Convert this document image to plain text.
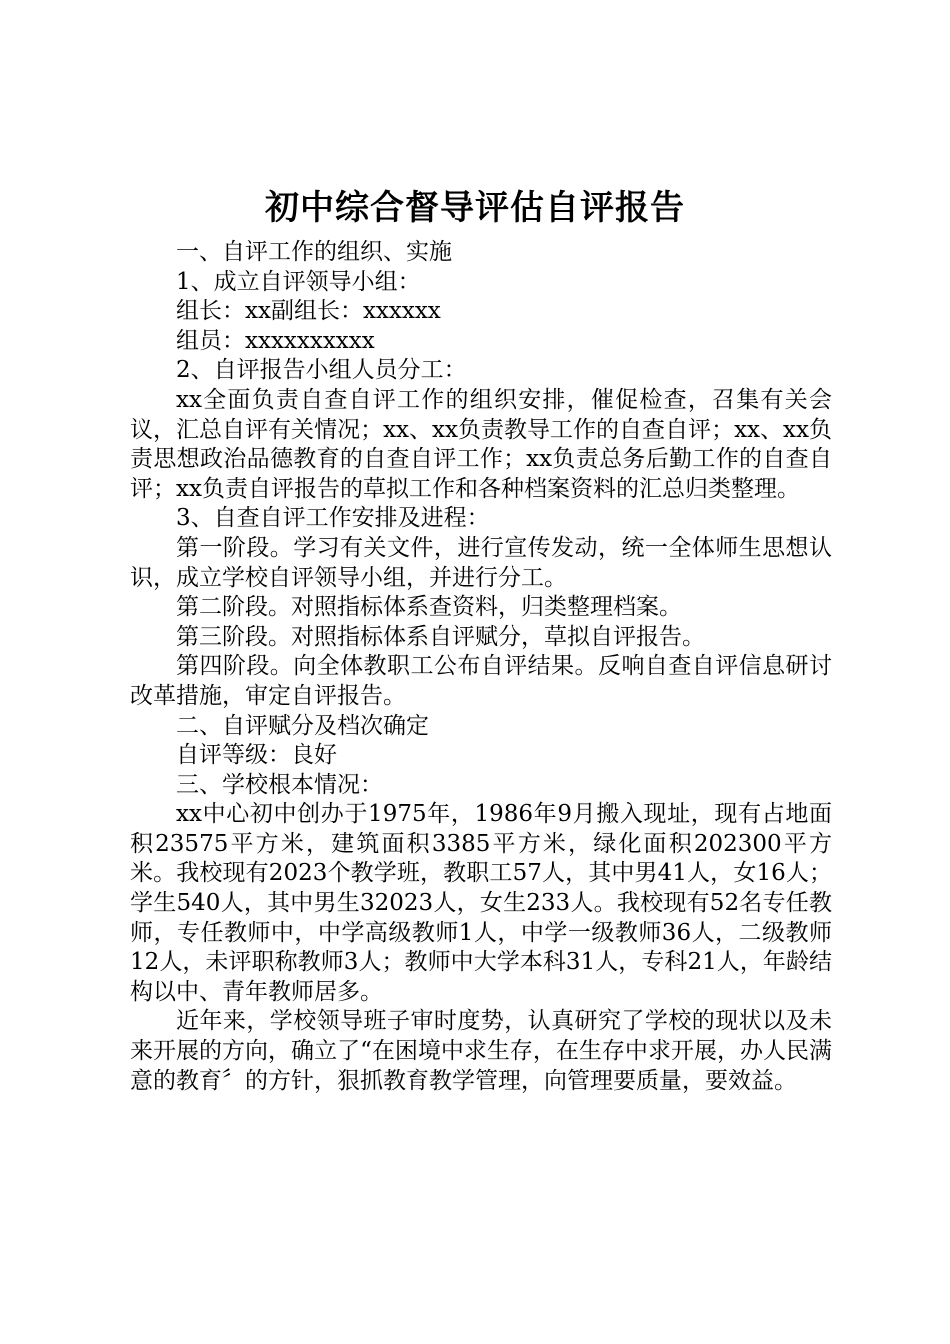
初中综合督导评估自评报告

一、自评工作的组织、实施

1、成立自评领导小组：

组长：xx副组长：xxxxxx

组员：xxxxxxxxxx

2、自评报告小组人员分工：

xx全面负责自查自评工作的组织安排，催促检查，召集有关会议，汇总自评有关情况；xx、xx负责教导工作的自查自评；xx、xx负责思想政治品德教育的自查自评工作；xx负责总务后勤工作的自查自评；xx负责自评报告的草拟工作和各种档案资料的汇总归类整理。

3、自查自评工作安排及进程：

第一阶段。学习有关文件，进行宣传发动，统一全体师生思想认识，成立学校自评领导小组，并进行分工。

第二阶段。对照指标体系查资料，归类整理档案。

第三阶段。对照指标体系自评赋分，草拟自评报告。

第四阶段。向全体教职工公布自评结果。反响自查自评信息研讨改革措施，审定自评报告。

二、自评赋分及档次确定

自评等级：良好

三、学校根本情况：

xx中心初中创办于1975年，1986年9月搬入现址，现有占地面积23575平方米，建筑面积3385平方米，绿化面积202300平方米。我校现有2023个教学班，教职工57人，其中男41人，女16人；学生540人，其中男生32023人，女生233人。我校现有52名专任教师，专任教师中，中学高级教师1人，中学一级教师36人，二级教师12人，未评职称教师3人；教师中大学本科31人，专科21人，年龄结构以中、青年教师居多。

近年来，学校领导班子审时度势，认真研究了学校的现状以及未来开展的方向，确立了“在困境中求生存，在生存中求开展，办人民满意的教育〞的方针，狠抓教育教学管理，向管理要质量，要效益。
